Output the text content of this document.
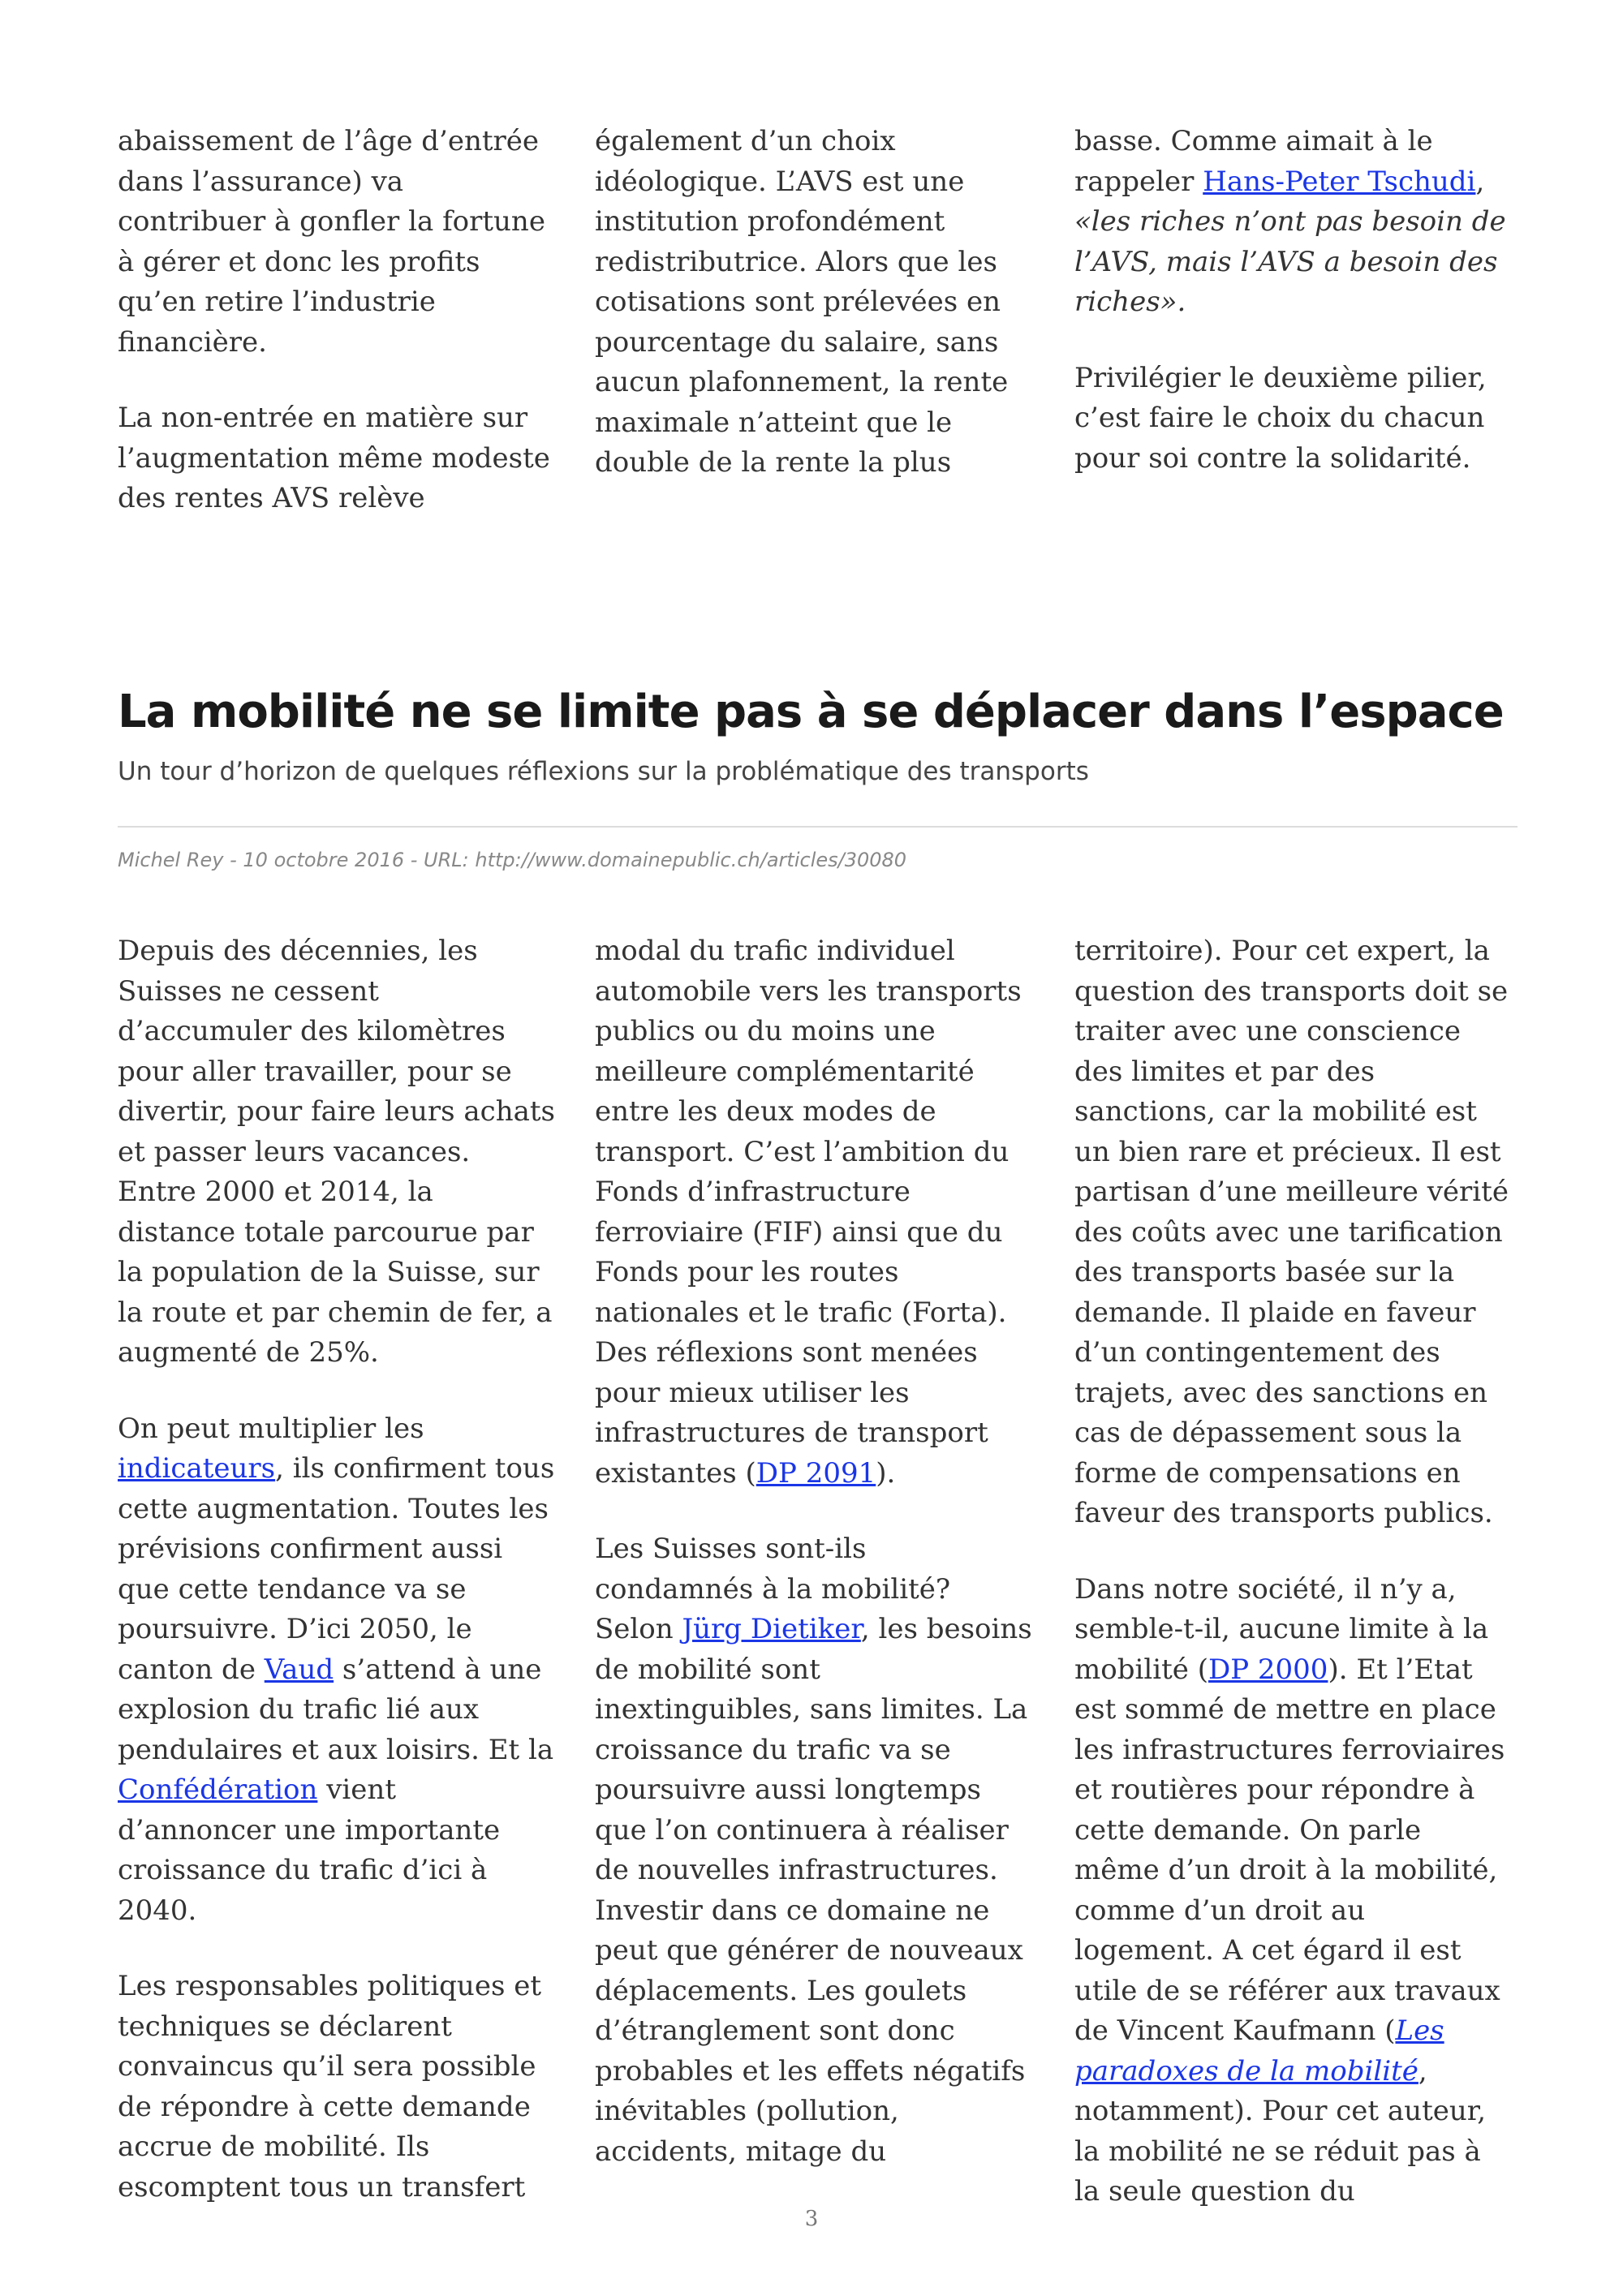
abaissement de l’âge d’entrée dans l’assurance) va contribuer à gonfler la fortune à gérer et donc les profits qu’en retire l’industrie financière.

La non-entrée en matière sur l’augmentation même modeste des rentes AVS relève

également d’un choix idéologique. L’AVS est une institution profondément redistributrice. Alors que les cotisations sont prélevées en pourcentage du salaire, sans aucun plafonnement, la rente maximale n’atteint que le double de la rente la plus

basse. Comme aimait à le rappeler Hans-Peter Tschudi, «les riches n’ont pas besoin de l’AVS, mais l’AVS a besoin des riches».

Privilégier le deuxième pilier, c’est faire le choix du chacun pour soi contre la solidarité.

La mobilité ne se limite pas à se déplacer dans l’espace
Un tour d’horizon de quelques réflexions sur la problématique des transports
Michel Rey - 10 octobre 2016 - URL: http://www.domainepublic.ch/articles/30080

Depuis des décennies, les Suisses ne cessent d’accumuler des kilomètres pour aller travailler, pour se divertir, pour faire leurs achats et passer leurs vacances. Entre 2000 et 2014, la distance totale parcourue par la population de la Suisse, sur la route et par chemin de fer, a augmenté de 25%.

On peut multiplier les indicateurs, ils confirment tous cette augmentation. Toutes les prévisions confirment aussi que cette tendance va se poursuivre. D’ici 2050, le canton de Vaud s’attend à une explosion du trafic lié aux pendulaires et aux loisirs. Et la Confédération vient d’annoncer une importante croissance du trafic d’ici à 2040.

Les responsables politiques et techniques se déclarent convaincus qu’il sera possible de répondre à cette demande accrue de mobilité. Ils escomptent tous un transfert

modal du trafic individuel automobile vers les transports publics ou du moins une meilleure complémentarité entre les deux modes de transport. C’est l’ambition du Fonds d’infrastructure ferroviaire (FIF) ainsi que du Fonds pour les routes nationales et le trafic (Forta). Des réflexions sont menées pour mieux utiliser les infrastructures de transport existantes (DP 2091).

Les Suisses sont-ils condamnés à la mobilité? Selon Jürg Dietiker, les besoins de mobilité sont inextinguibles, sans limites. La croissance du trafic va se poursuivre aussi longtemps que l’on continuera à réaliser de nouvelles infrastructures. Investir dans ce domaine ne peut que générer de nouveaux déplacements. Les goulets d’étranglement sont donc probables et les effets négatifs inévitables (pollution, accidents, mitage du

territoire). Pour cet expert, la question des transports doit se traiter avec une conscience des limites et par des sanctions, car la mobilité est un bien rare et précieux. Il est partisan d’une meilleure vérité des coûts avec une tarification des transports basée sur la demande. Il plaide en faveur d’un contingentement des trajets, avec des sanctions en cas de dépassement sous la forme de compensations en faveur des transports publics.

Dans notre société, il n’y a, semble-t-il, aucune limite à la mobilité (DP 2000). Et l’Etat est sommé de mettre en place les infrastructures ferroviaires et routières pour répondre à cette demande. On parle même d’un droit à la mobilité, comme d’un droit au logement. A cet égard il est utile de se référer aux travaux de Vincent Kaufmann (Les paradoxes de la mobilité, notamment). Pour cet auteur, la mobilité ne se réduit pas à la seule question du

3
